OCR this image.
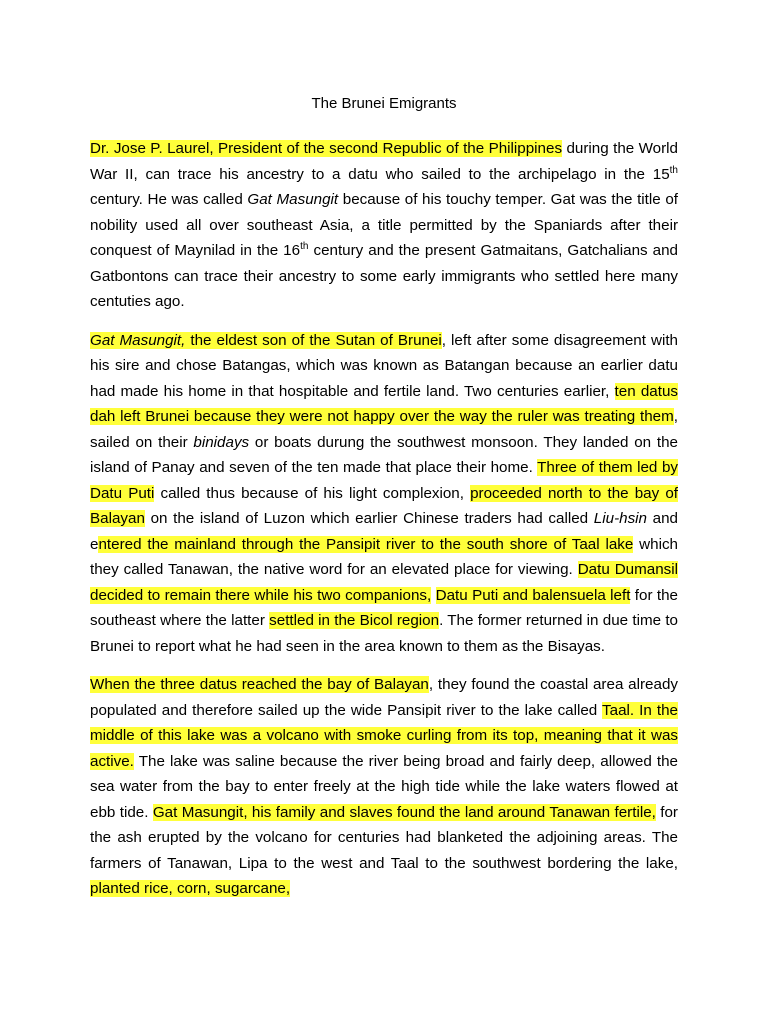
The Brunei Emigrants

Dr. Jose P. Laurel, President of the second Republic of the Philippines during the World War II, can trace his ancestry to a datu who sailed to the archipelago in the 15th century. He was called Gat Masungit because of his touchy temper. Gat was the title of nobility used all over southeast Asia, a title permitted by the Spaniards after their conquest of Maynilad in the 16th century and the present Gatmaitans, Gatchalians and Gatbontons can trace their ancestry to some early immigrants who settled here many centuties ago.

Gat Masungit, the eldest son of the Sutan of Brunei, left after some disagreement with his sire and chose Batangas, which was known as Batangan because an earlier datu had made his home in that hospitable and fertile land. Two centuries earlier, ten datus dah left Brunei because they were not happy over the way the ruler was treating them, sailed on their binidays or boats durung the southwest monsoon. They landed on the island of Panay and seven of the ten made that place their home. Three of them led by Datu Puti called thus because of his light complexion, proceeded north to the bay of Balayan on the island of Luzon which earlier Chinese traders had called Liu-hsin and entered the mainland through the Pansipit river to the south shore of Taal lake which they called Tanawan, the native word for an elevated place for viewing. Datu Dumansil decided to remain there while his two companions, Datu Puti and balensuela left for the southeast where the latter settled in the Bicol region. The former returned in due time to Brunei to report what he had seen in the area known to them as the Bisayas.

When the three datus reached the bay of Balayan, they found the coastal area already populated and therefore sailed up the wide Pansipit river to the lake called Taal. In the middle of this lake was a volcano with smoke curling from its top, meaning that it was active. The lake was saline because the river being broad and fairly deep, allowed the sea water from the bay to enter freely at the high tide while the lake waters flowed at ebb tide. Gat Masungit, his family and slaves found the land around Tanawan fertile, for the ash erupted by the volcano for centuries had blanketed the adjoining areas. The farmers of Tanawan, Lipa to the west and Taal to the southwest bordering the lake, planted rice, corn, sugarcane,
